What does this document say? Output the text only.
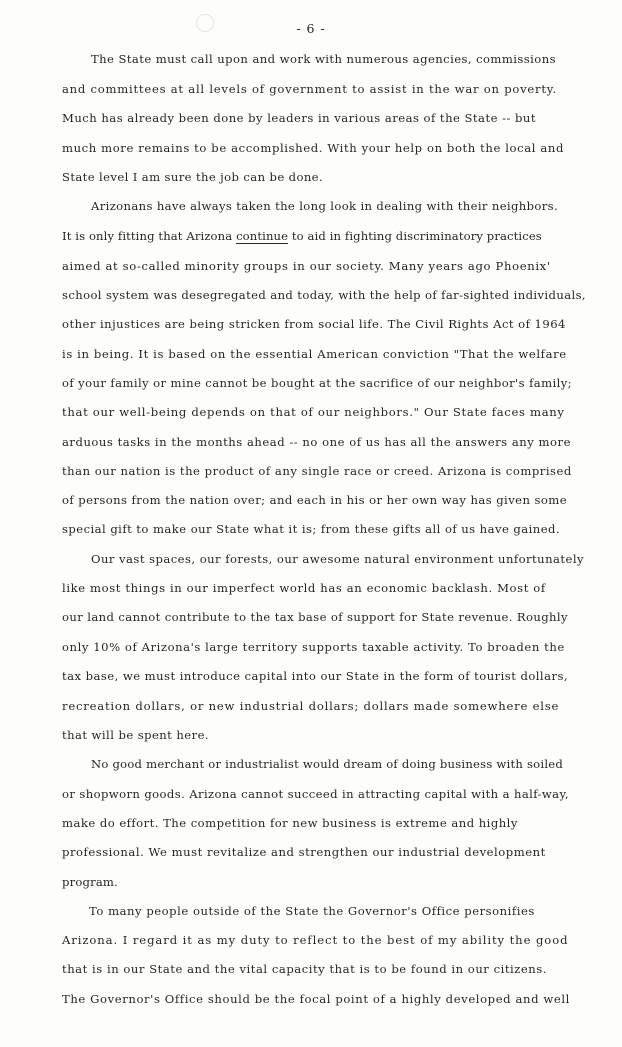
- 6 -
The State must call upon and work with numerous agencies, commissions
and committees at all levels of government to assist in the war on poverty.
Much has already been done by leaders in various areas of the State -- but
much more remains to be accomplished. With your help on both the local and
State level I am sure the job can be done.
Arizonans have always taken the long look in dealing with their neighbors.
It is only fitting that Arizona continue to aid in fighting discriminatory practices
aimed at so-called minority groups in our society. Many years ago Phoenix'
school system was desegregated and today, with the help of far-sighted individuals,
other injustices are being stricken from social life. The Civil Rights Act of 1964
is in being. It is based on the essential American conviction "That the welfare
of your family or mine cannot be bought at the sacrifice of our neighbor's family;
that our well-being depends on that of our neighbors." Our State faces many
arduous tasks in the months ahead -- no one of us has all the answers any more
than our nation is the product of any single race or creed. Arizona is comprised
of persons from the nation over; and each in his or her own way has given some
special gift to make our State what it is; from these gifts all of us have gained.
Our vast spaces, our forests, our awesome natural environment unfortunately
like most things in our imperfect world has an economic backlash. Most of
our land cannot contribute to the tax base of support for State revenue. Roughly
only 10% of Arizona's large territory supports taxable activity. To broaden the
tax base, we must introduce capital into our State in the form of tourist dollars,
recreation dollars, or new industrial dollars; dollars made somewhere else
that will be spent here.
No good merchant or industrialist would dream of doing business with soiled
or shopworn goods. Arizona cannot succeed in attracting capital with a half-way,
make do effort. The competition for new business is extreme and highly
professional. We must revitalize and strengthen our industrial development
program.
To many people outside of the State the Governor's Office personifies
Arizona. I regard it as my duty to reflect to the best of my ability the good
that is in our State and the vital capacity that is to be found in our citizens.
The Governor's Office should be the focal point of a highly developed and well
